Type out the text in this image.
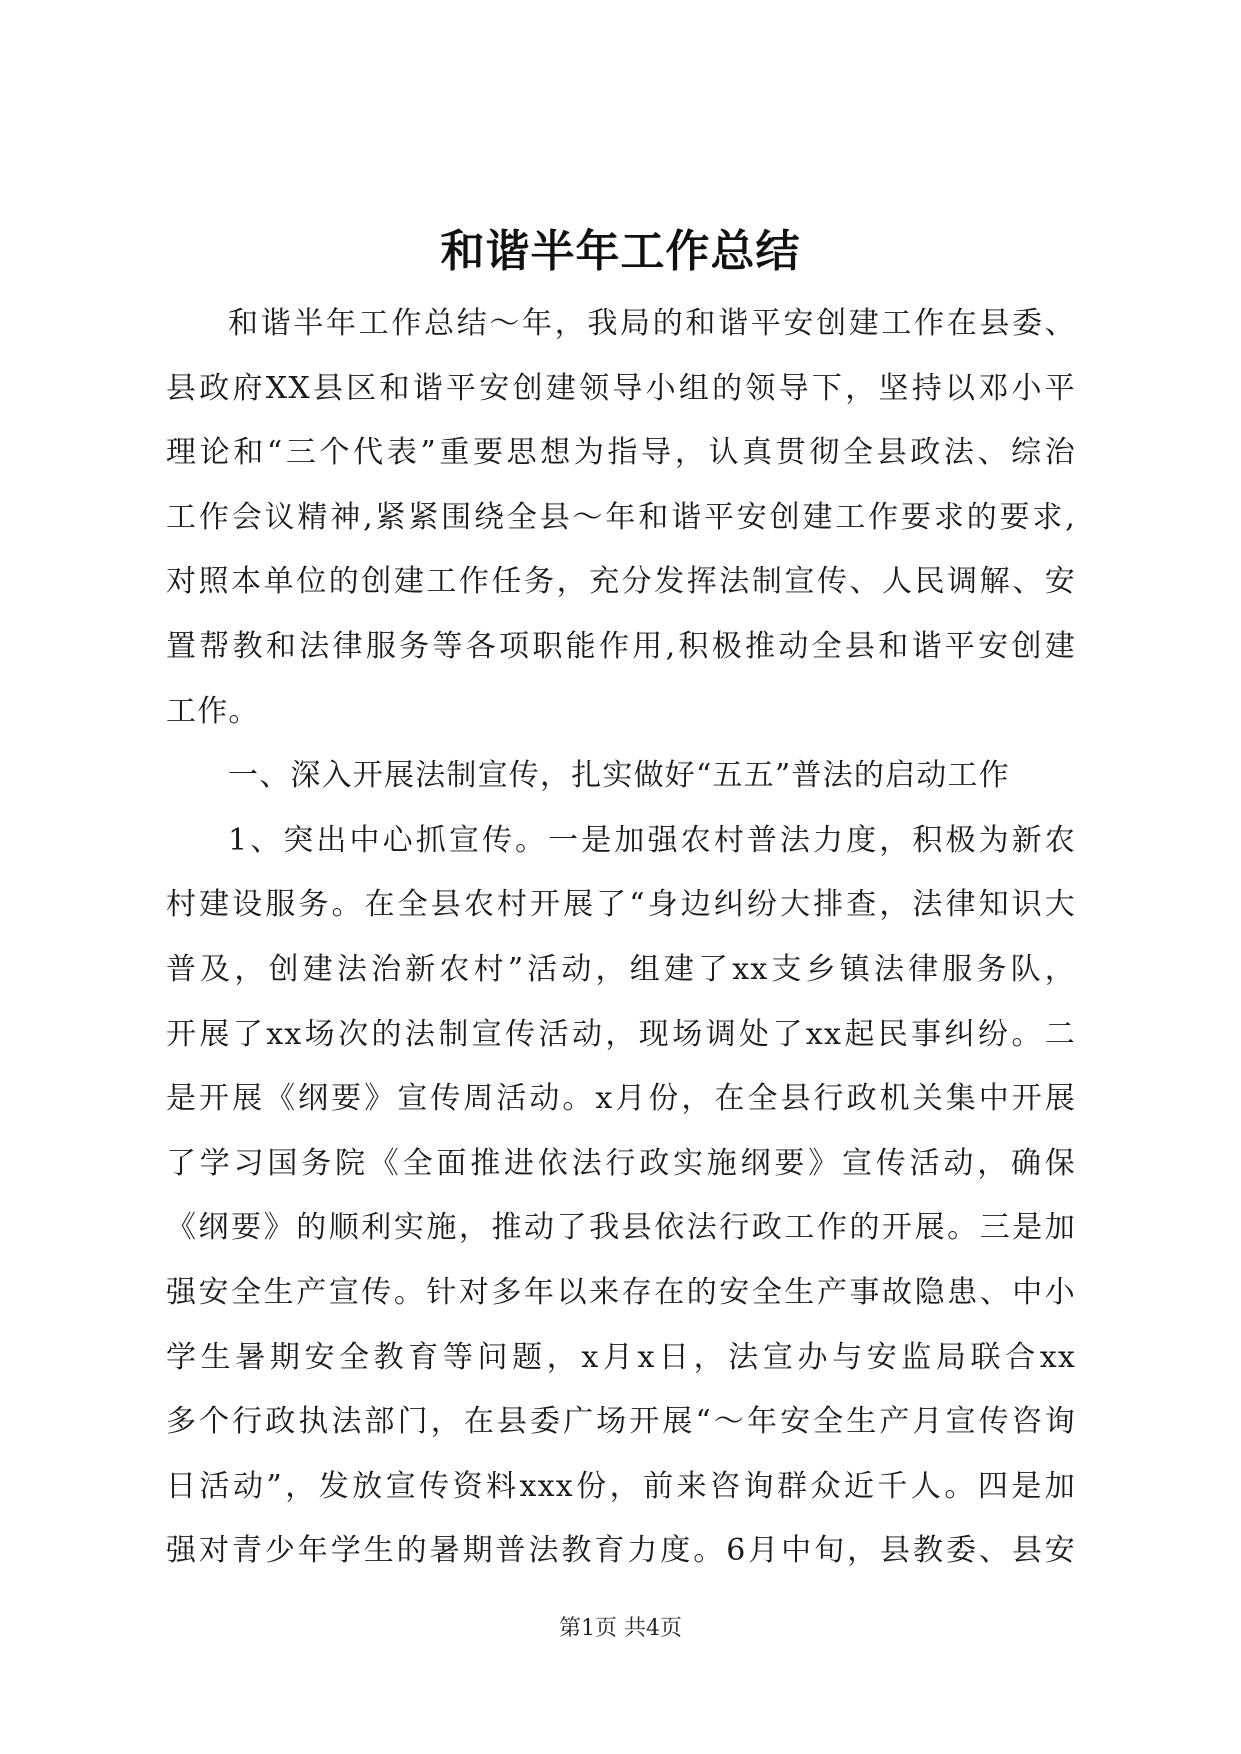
和谐半年工作总结
和谐半年工作总结～年，我局的和谐平安创建工作在县委、
县政府XX县区和谐平安创建领导小组的领导下，坚持以邓小平
理论和“三个代表”重要思想为指导，认真贯彻全县政法、综治
工作会议精神,紧紧围绕全县～年和谐平安创建工作要求的要求,
对照本单位的创建工作任务，充分发挥法制宣传、人民调解、安
置帮教和法律服务等各项职能作用,积极推动全县和谐平安创建
工作。
一、深入开展法制宣传，扎实做好“五五”普法的启动工作
1、突出中心抓宣传。一是加强农村普法力度，积极为新农
村建设服务。在全县农村开展了“身边纠纷大排查，法律知识大
普及，创建法治新农村”活动，组建了xx支乡镇法律服务队，
开展了xx场次的法制宣传活动，现场调处了xx起民事纠纷。二
是开展《纲要》宣传周活动。x月份，在全县行政机关集中开展
了学习国务院《全面推进依法行政实施纲要》宣传活动，确保
《纲要》的顺利实施，推动了我县依法行政工作的开展。三是加
强安全生产宣传。针对多年以来存在的安全生产事故隐患、中小
学生暑期安全教育等问题，x月x日，法宣办与安监局联合xx
多个行政执法部门，在县委广场开展“～年安全生产月宣传咨询
日活动”，发放宣传资料xxx份，前来咨询群众近千人。四是加
强对青少年学生的暑期普法教育力度。6月中旬，县教委、县安
第1页 共4页
